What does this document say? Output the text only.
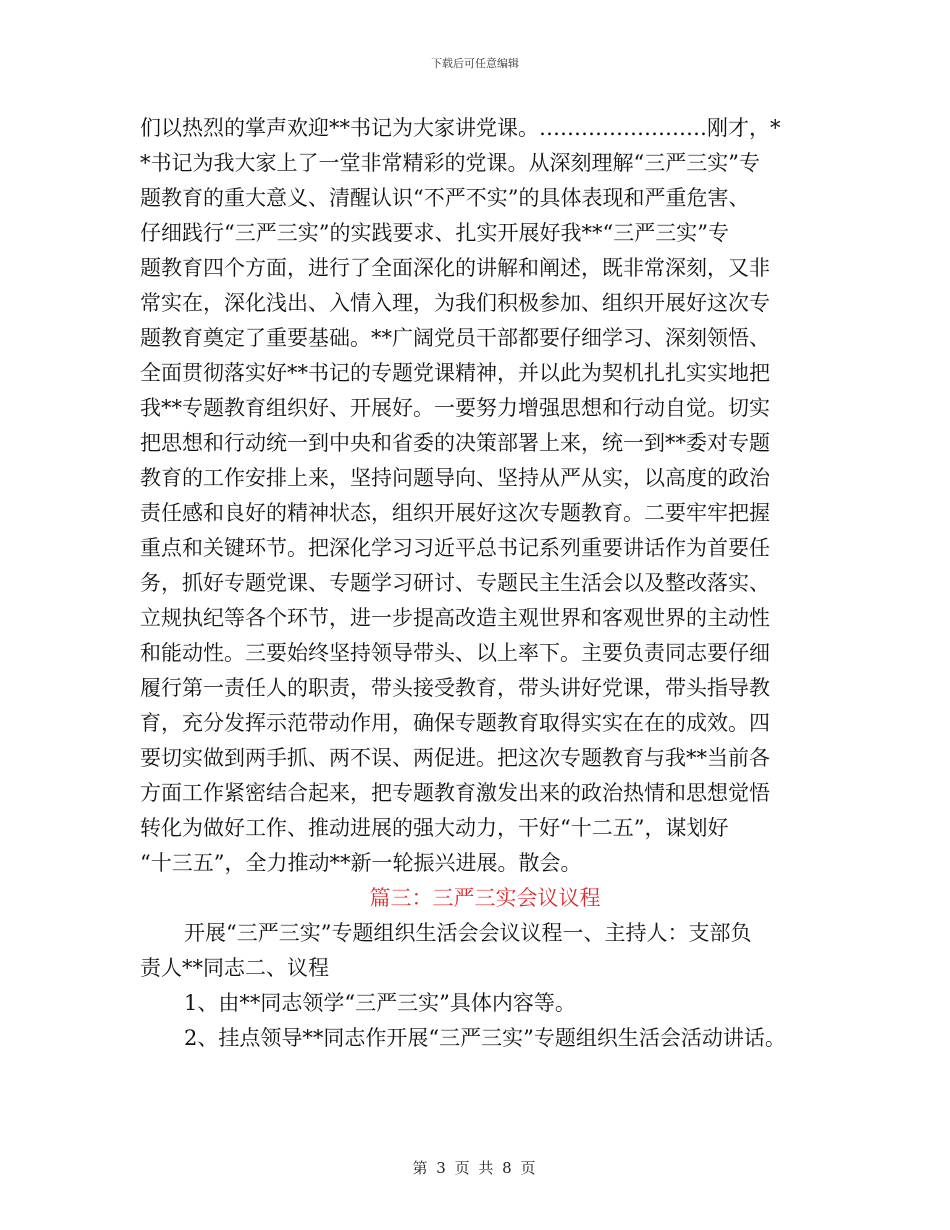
下载后可任意编辑
们以热烈的掌声欢迎**书记为大家讲党课。……………………刚才，*
*书记为我大家上了一堂非常精彩的党课。从深刻理解“三严三实”专
题教育的重大意义、清醒认识“不严不实”的具体表现和严重危害、
仔细践行“三严三实”的实践要求、扎实开展好我**“三严三实”专
题教育四个方面，进行了全面深化的讲解和阐述，既非常深刻，又非
常实在，深化浅出、入情入理，为我们积极参加、组织开展好这次专
题教育奠定了重要基础。**广阔党员干部都要仔细学习、深刻领悟、
全面贯彻落实好**书记的专题党课精神，并以此为契机扎扎实实地把
我**专题教育组织好、开展好。一要努力增强思想和行动自觉。切实
把思想和行动统一到中央和省委的决策部署上来，统一到**委对专题
教育的工作安排上来，坚持问题导向、坚持从严从实，以高度的政治
责任感和良好的精神状态，组织开展好这次专题教育。二要牢牢把握
重点和关键环节。把深化学习习近平总书记系列重要讲话作为首要任
务，抓好专题党课、专题学习研讨、专题民主生活会以及整改落实、
立规执纪等各个环节，进一步提高改造主观世界和客观世界的主动性
和能动性。三要始终坚持领导带头、以上率下。主要负责同志要仔细
履行第一责任人的职责，带头接受教育，带头讲好党课，带头指导教
育，充分发挥示范带动作用，确保专题教育取得实实在在的成效。四
要切实做到两手抓、两不误、两促进。把这次专题教育与我**当前各
方面工作紧密结合起来，把专题教育激发出来的政治热情和思想觉悟
转化为做好工作、推动进展的强大动力，干好“十二五”，谋划好
“十三五”，全力推动**新一轮振兴进展。散会。
篇三：三严三实会议议程
开展“三严三实”专题组织生活会会议议程一、主持人：支部负
责人**同志二、议程
1、由**同志领学“三严三实”具体内容等。
2、挂点领导**同志作开展“三严三实”专题组织生活会活动讲话。
第 3 页 共 8 页
